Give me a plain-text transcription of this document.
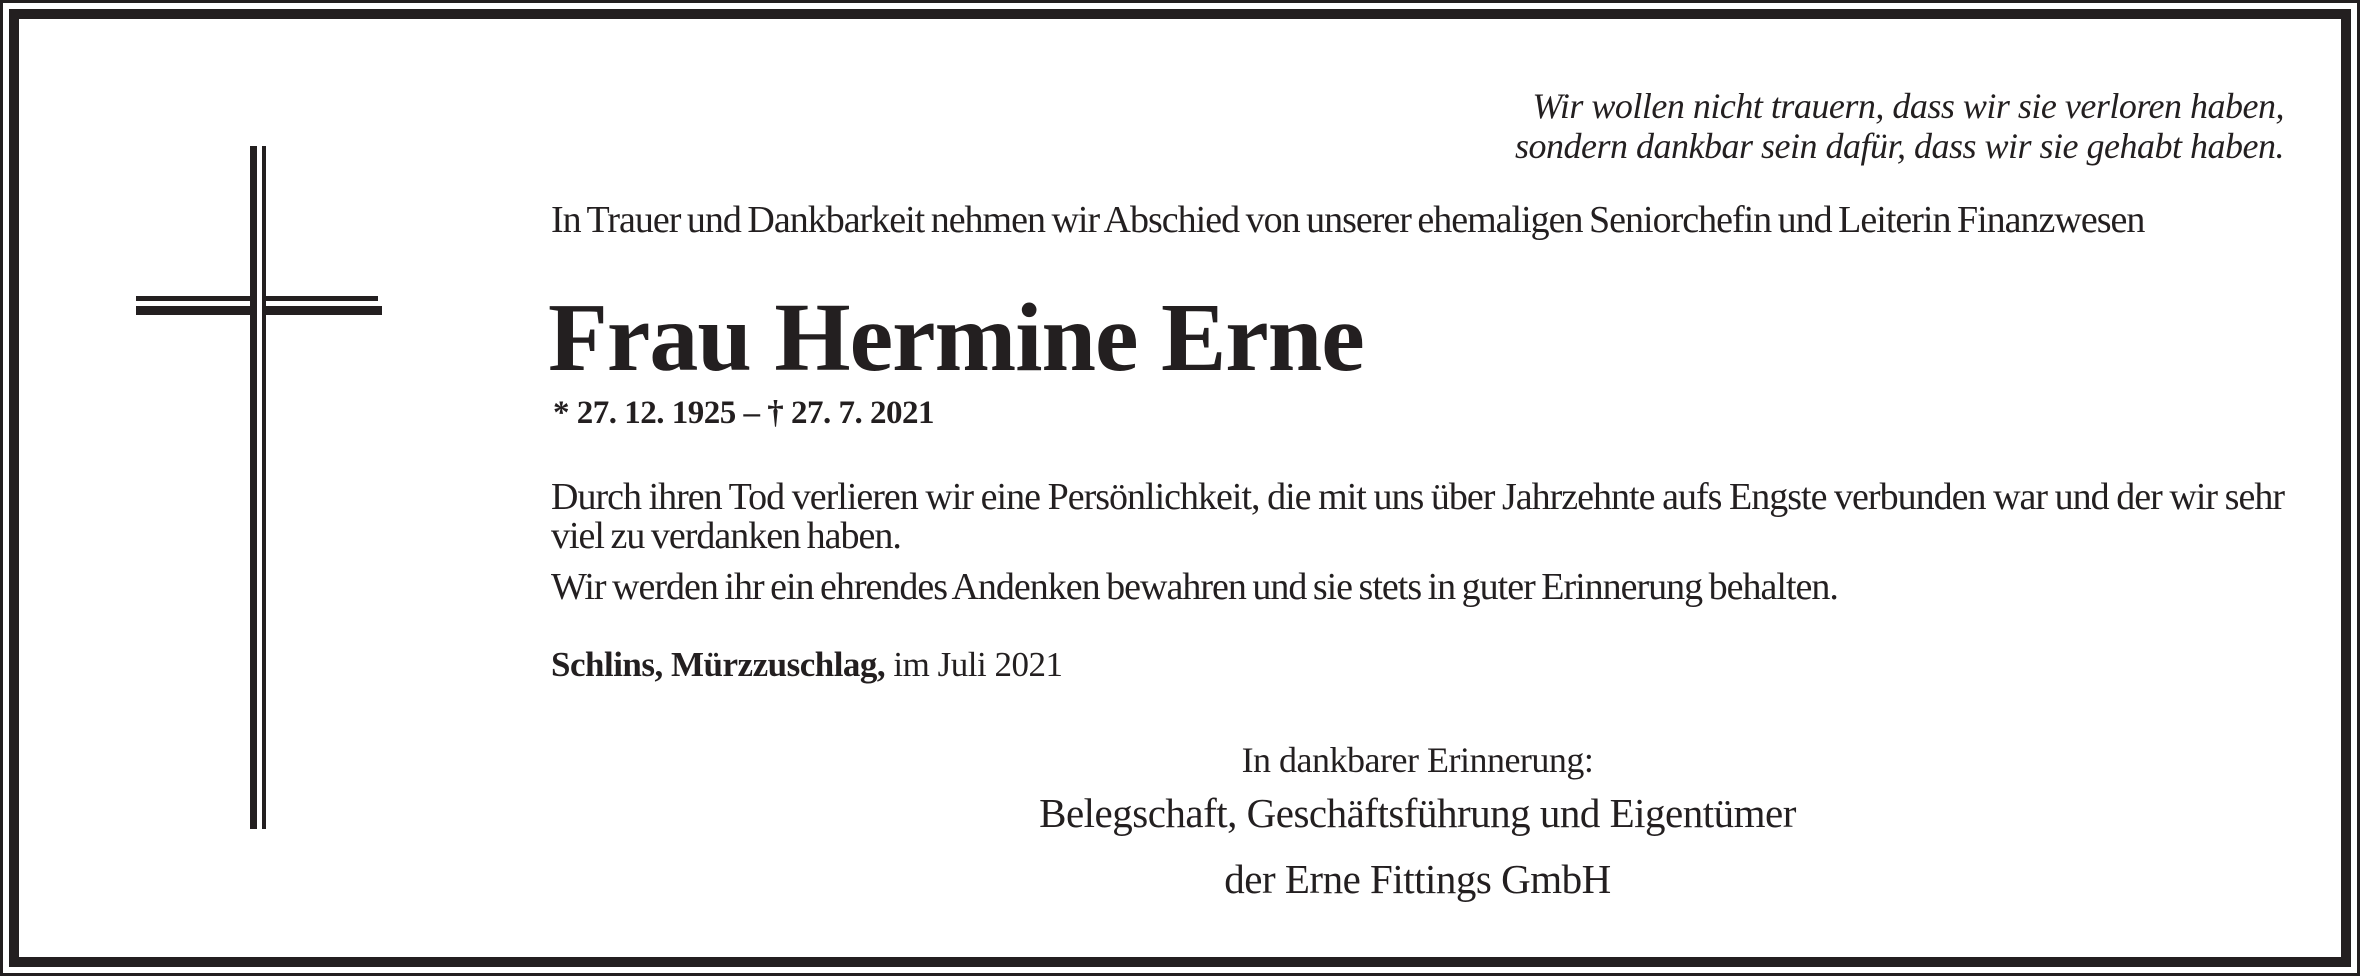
Wir wollen nicht trauern, dass wir sie verloren haben,
sondern dankbar sein dafür, dass wir sie gehabt haben.
In Trauer und Dankbarkeit nehmen wir Abschied von unserer ehemaligen Seniorchefin und Leiterin Finanzwesen
Frau Hermine Erne
* 27. 12. 1925 – † 27. 7. 2021
Durch ihren Tod verlieren wir eine Persönlichkeit, die mit uns über Jahrzehnte aufs Engste verbunden war und der wir sehr viel zu verdanken haben.
Wir werden ihr ein ehrendes Andenken bewahren und sie stets in guter Erinnerung behalten.
Schlins, Mürzzuschlag, im Juli 2021
In dankbarer Erinnerung:
Belegschaft, Geschäftsführung und Eigentümer
der Erne Fittings GmbH
